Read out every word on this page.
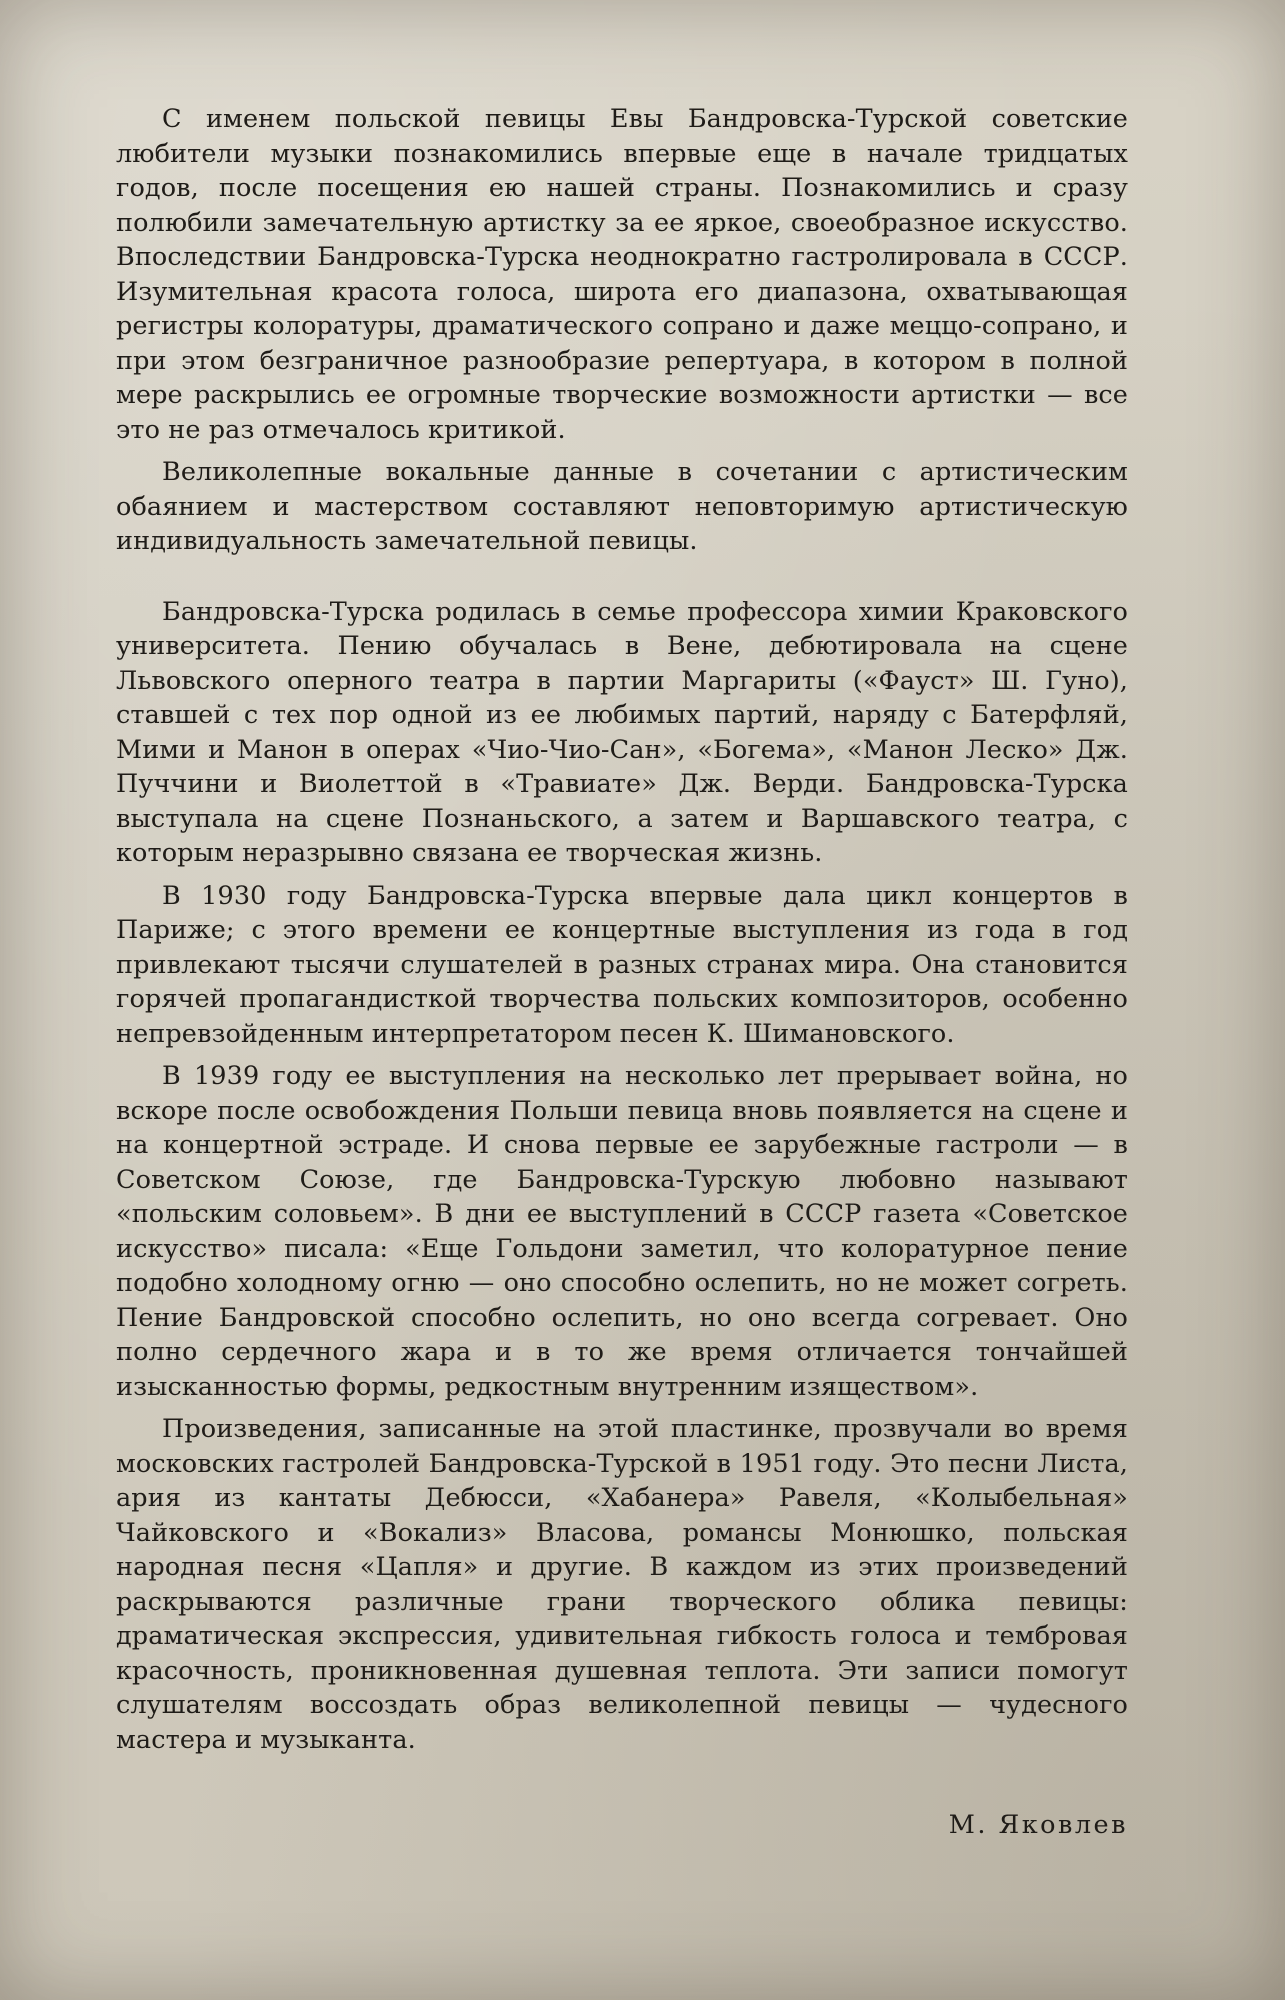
С именем польской певицы Евы Бандровска-Турской советские любители музыки познакомились впервые еще в начале тридцатых годов, после посещения ею нашей страны. Познакомились и сразу полюбили замечательную артистку за ее яркое, своеобразное искусство. Впоследствии Бандровска-Турска неоднократно гастролировала в СССР. Изумительная красота голоса, широта его диапазона, охватывающая регистры колоратуры, драматического сопрано и даже меццо-сопрано, и при этом безграничное разнообразие репертуара, в котором в полной мере раскрылись ее огромные творческие возможности артистки — все это не раз отмечалось критикой.

Великолепные вокальные данные в сочетании с артистическим обаянием и мастерством составляют неповторимую артистическую индивидуальность замечательной певицы.

Бандровска-Турска родилась в семье профессора химии Краковского университета. Пению обучалась в Вене, дебютировала на сцене Львовского оперного театра в партии Маргариты («Фауст» Ш. Гуно), ставшей с тех пор одной из ее любимых партий, наряду с Батерфляй, Мими и Манон в операх «Чио-Чио-Сан», «Богема», «Манон Леско» Дж. Пуччини и Виолеттой в «Травиате» Дж. Верди. Бандровска-Турска выступала на сцене Познаньского, а затем и Варшавского театра, с которым неразрывно связана ее творческая жизнь.

В 1930 году Бандровска-Турска впервые дала цикл концертов в Париже; с этого времени ее концертные выступления из года в год привлекают тысячи слушателей в разных странах мира. Она становится горячей пропагандисткой творчества польских композиторов, особенно непревзойденным интерпретатором песен К. Шимановского.

В 1939 году ее выступления на несколько лет прерывает война, но вскоре после освобождения Польши певица вновь появляется на сцене и на концертной эстраде. И снова первые ее зарубежные гастроли — в Советском Союзе, где Бандровска-Турскую любовно называют «польским соловьем». В дни ее выступлений в СССР газета «Советское искусство» писала: «Еще Гольдони заметил, что колоратурное пение подобно холодному огню — оно способно ослепить, но не может согреть. Пение Бандровской способно ослепить, но оно всегда согревает. Оно полно сердечного жара и в то же время отличается тончайшей изысканностью формы, редкостным внутренним изяществом».

Произведения, записанные на этой пластинке, прозвучали во время московских гастролей Бандровска-Турской в 1951 году. Это песни Листа, ария из кантаты Дебюсси, «Хабанера» Равеля, «Колыбельная» Чайковского и «Вокализ» Власова, романсы Монюшко, польская народная песня «Цапля» и другие. В каждом из этих произведений раскрываются различные грани творческого облика певицы: драматическая экспрессия, удивительная гибкость голоса и тембровая красочность, проникновенная душевная теплота. Эти записи помогут слушателям воссоздать образ великолепной певицы — чудесного мастера и музыканта.

М. Яковлев
